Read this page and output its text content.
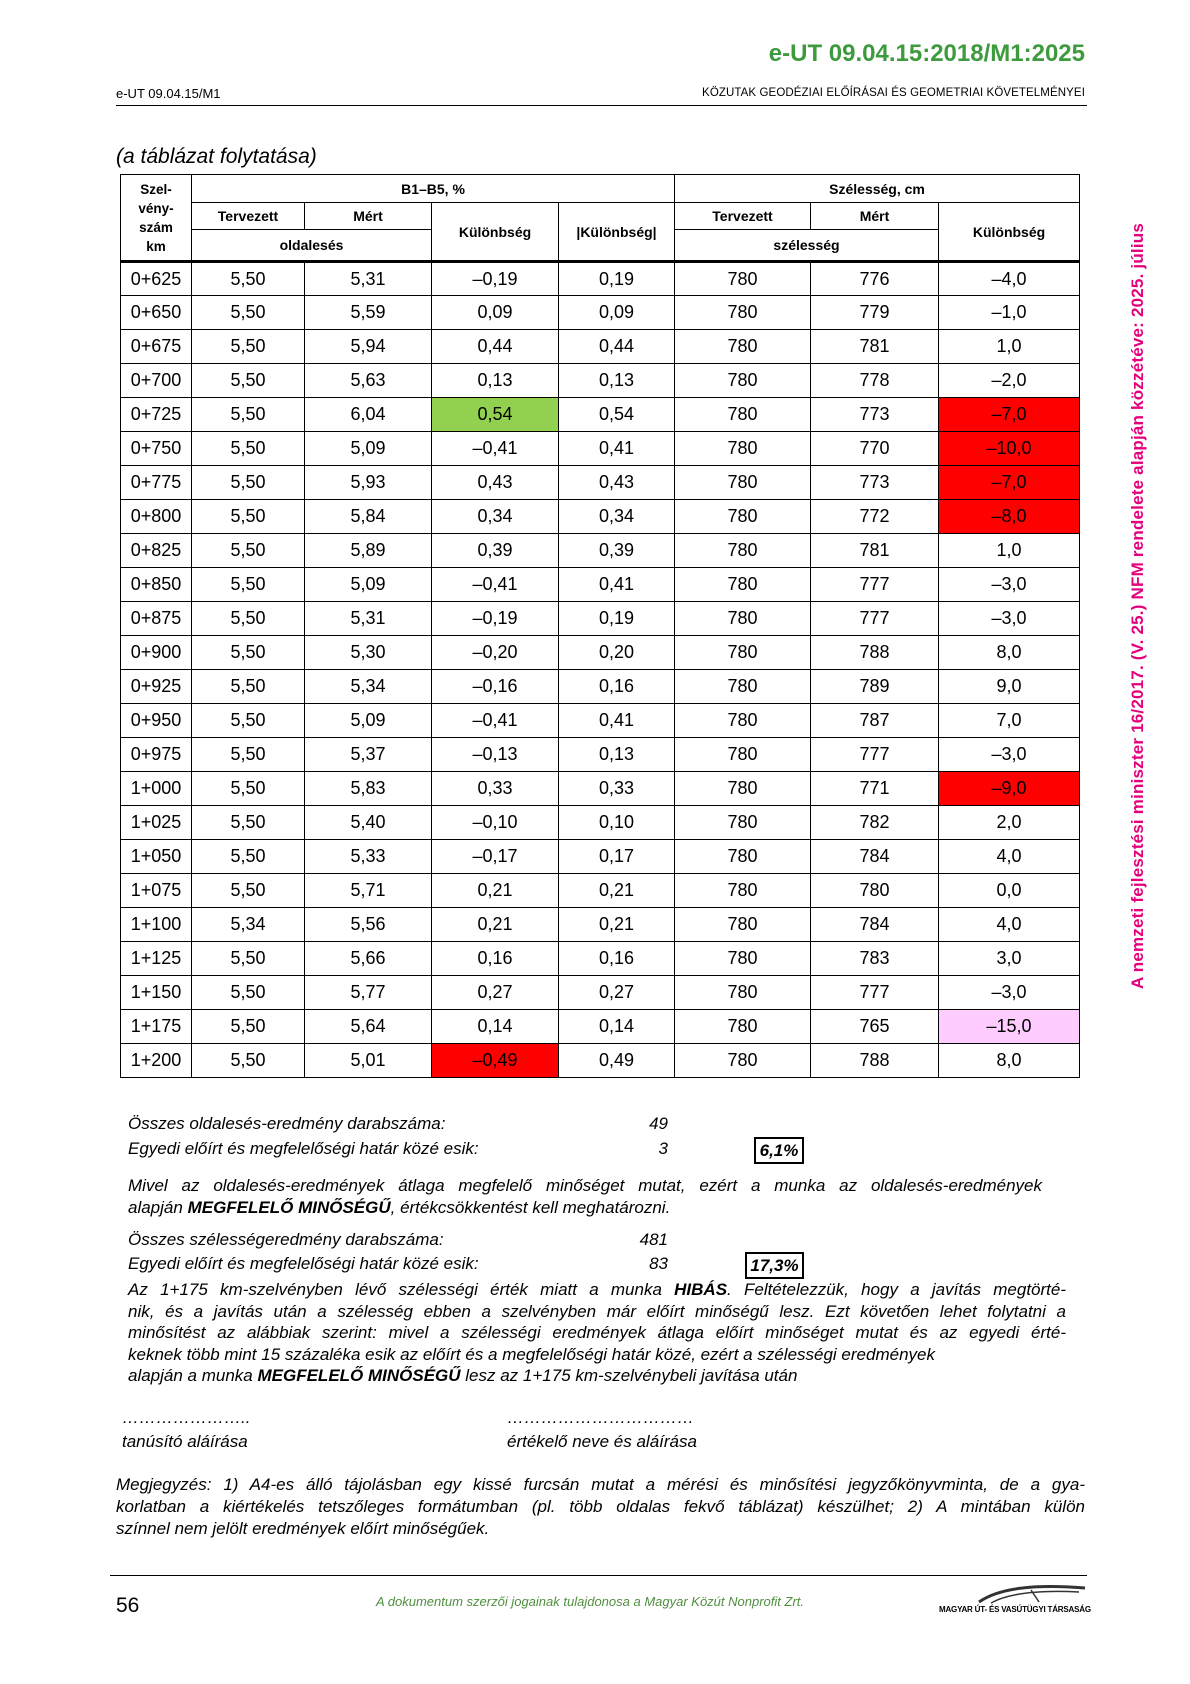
e-UT 09.04.15:2018/M1:2025
e-UT 09.04.15/M1	KÖZUTAK GEODÉZIAI ELŐÍRÁSAI ÉS GEOMETRIAI KÖVETELMÉNYEI
A nemzeti fejlesztési miniszter 16/2017. (V. 25.) NFM rendelete alapján közzétéve: 2025. július
(a táblázat folytatása)
Szel-
vény-
szám
km	B1–B5, %				Szélesség, cm		
	Tervezett	Mért	Különbség	|Különbség|	Tervezett	Mért	Különbség
	oldalesés				szélesség		
0+625	5,50	5,31	–0,19	0,19	780	776	–4,0
0+650	5,50	5,59	0,09	0,09	780	779	–1,0
0+675	5,50	5,94	0,44	0,44	780	781	1,0
0+700	5,50	5,63	0,13	0,13	780	778	–2,0
0+725	5,50	6,04	0,54	0,54	780	773	–7,0
0+750	5,50	5,09	–0,41	0,41	780	770	–10,0
0+775	5,50	5,93	0,43	0,43	780	773	–7,0
0+800	5,50	5,84	0,34	0,34	780	772	–8,0
0+825	5,50	5,89	0,39	0,39	780	781	1,0
0+850	5,50	5,09	–0,41	0,41	780	777	–3,0
0+875	5,50	5,31	–0,19	0,19	780	777	–3,0
0+900	5,50	5,30	–0,20	0,20	780	788	8,0
0+925	5,50	5,34	–0,16	0,16	780	789	9,0
0+950	5,50	5,09	–0,41	0,41	780	787	7,0
0+975	5,50	5,37	–0,13	0,13	780	777	–3,0
1+000	5,50	5,83	0,33	0,33	780	771	–9,0
1+025	5,50	5,40	–0,10	0,10	780	782	2,0
1+050	5,50	5,33	–0,17	0,17	780	784	4,0
1+075	5,50	5,71	0,21	0,21	780	780	0,0
1+100	5,34	5,56	0,21	0,21	780	784	4,0
1+125	5,50	5,66	0,16	0,16	780	783	3,0
1+150	5,50	5,77	0,27	0,27	780	777	–3,0
1+175	5,50	5,64	0,14	0,14	780	765	–15,0
1+200	5,50	5,01	–0,49	0,49	780	788	8,0
Összes oldalesés-eredmény darabszáma:	49
Egyedi előírt és megfelelőségi határ közé esik:	3	6,1%
Mivel az oldalesés-eredmények átlaga megfelelő minőséget mutat, ezért a munka az oldalesés-eredmények
alapján MEGFELELŐ MINŐSÉGŰ, értékcsökkentést kell meghatározni.
Összes szélességeredmény darabszáma:	481
Egyedi előírt és megfelelőségi határ közé esik:	83	17,3%
Az 1+175 km-szelvényben lévő szélességi érték miatt a munka HIBÁS. Feltételezzük, hogy a javítás megtörté-
nik, és a javítás után a szélesség ebben a szelvényben már előírt minőségű lesz. Ezt követően lehet folytatni a
minősítést az alábbiak szerint: mivel a szélességi eredmények átlaga előírt minőséget mutat és az egyedi érté-
keknek több mint 15 százaléka esik az előírt és a megfelelőségi határ közé, ezért a szélességi eredmények
alapján a munka MEGFELELŐ MINŐSÉGŰ lesz az 1+175 km-szelvénybeli javítása után
…………………..
tanúsító aláírása
……………………………
értékelő neve és aláírása
Megjegyzés: 1) A4-es álló tájolásban egy kissé furcsán mutat a mérési és minősítési jegyzőkönyvminta, de a gya-
korlatban a kiértékelés tetszőleges formátumban (pl. több oldalas fekvő táblázat) készülhet; 2) A mintában külön
színnel nem jelölt eredmények előírt minőségűek.
56	A dokumentum szerzői jogainak tulajdonosa a Magyar Közút Nonprofit Zrt.
MAGYAR ÚT- ÉS VASÚTÜGYI TÁRSASÁG
